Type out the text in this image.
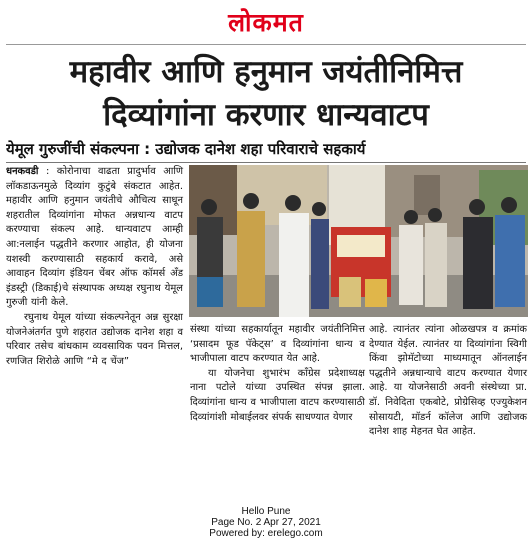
लोकमत
महावीर आणि हनुमान जयंतीनिमित्त
दिव्यांगांना करणार धान्यवाटप
येमूल गुरुजींची संकल्पना : उद्योजक दानेश शहा परिवाराचे सहकार्य

धनकवडी : कोरोनाचा वाढता प्रादुर्भाव आणि लॉकडाऊनमुळे दिव्यांग कुटुंबे संकटात आहेत. महावीर आणि हनुमान जयंतीचे औचित्य साधून शहरातील दिव्यांगांना मोफत अन्नधान्य वाटप करण्याचा संकल्प आहे. धान्यवाटप आम्ही आ:नलाईन पद्धतीने करणार आहोत, ही योजना यशस्वी करण्यासाठी सहकार्य करावे, असे आवाहन दिव्यांग इंडियन चेंबर ऑफ कॉमर्स अँड इंडस्ट्री (डिकाई)चे संस्थापक अध्यक्ष रघुनाथ येमूल गुरुजी यांनी केले.

रघुनाथ येमूल यांच्या संकल्पनेतून अन्न सुरक्षा योजनेअंतर्गत पुणे शहरात उद्योजक दानेश शहा व परिवार तसेच बांधकाम व्यवसायिक पवन मित्तल, रणजित शिरोळे आणि “मे द चेंज”

संस्था यांच्या सहकार्यातून महावीर जयंतीनिमित्त ‘प्रसादम फूड पॅकेट्स’ व दिव्यांगांना धान्य व भाजीपाला वाटप करण्यात येत आहे.

या योजनेचा शुभारंभ काँग्रेस प्रदेशाध्यक्ष नाना पटोले यांच्या उपस्थित संपन्न झाला. दिव्यांगांना धान्य व भाजीपाला वाटप करण्यासाठी दिव्यांगांशी मोबाईलवर संपर्क साधण्यात येणार

आहे. त्यानंतर त्यांना ओळखपत्र व क्रमांक देण्यात येईल. त्यानंतर या दिव्यांगांना स्विगी किंवा झोमॅटोच्या माध्यमातून ऑनलाईन पद्धतीने अन्नधान्याचे वाटप करण्यात येणार आहे. या योजनेसाठी अवनी संस्थेच्या प्रा. डॉ. निवेदिता एकबोटे, प्रोग्रेसिव्ह एज्युकेशन सोसायटी, मॉडर्न कॉलेज आणि उद्योजक दानेश शाह मेहनत घेत आहेत.

Hello Pune
Page No. 2 Apr 27, 2021
Powered by: erelego.com
